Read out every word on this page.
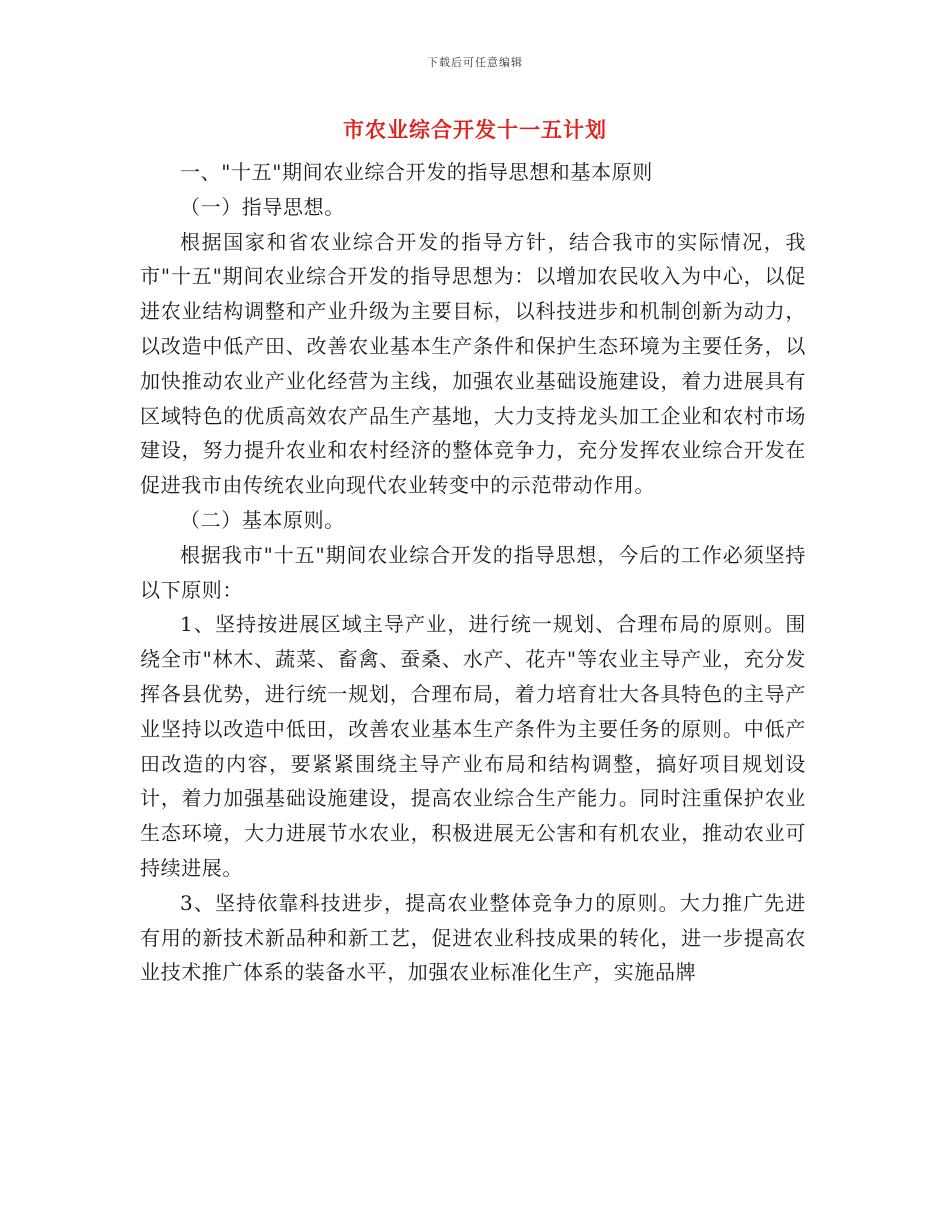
下载后可任意编辑
市农业综合开发十一五计划

一、"十五"期间农业综合开发的指导思想和基本原则

（一）指导思想。

根据国家和省农业综合开发的指导方针，结合我市的实际情况，我市"十五"期间农业综合开发的指导思想为：以增加农民收入为中心，以促进农业结构调整和产业升级为主要目标，以科技进步和机制创新为动力，以改造中低产田、改善农业基本生产条件和保护生态环境为主要任务，以加快推动农业产业化经营为主线，加强农业基础设施建设，着力进展具有区域特色的优质高效农产品生产基地，大力支持龙头加工企业和农村市场建设，努力提升农业和农村经济的整体竞争力，充分发挥农业综合开发在促进我市由传统农业向现代农业转变中的示范带动作用。

（二）基本原则。

根据我市"十五"期间农业综合开发的指导思想，今后的工作必须坚持以下原则：

1、坚持按进展区域主导产业，进行统一规划、合理布局的原则。围绕全市"林木、蔬菜、畜禽、蚕桑、水产、花卉"等农业主导产业，充分发挥各县优势，进行统一规划，合理布局，着力培育壮大各具特色的主导产业坚持以改造中低田，改善农业基本生产条件为主要任务的原则。中低产田改造的内容，要紧紧围绕主导产业布局和结构调整，搞好项目规划设计，着力加强基础设施建设，提高农业综合生产能力。同时注重保护农业生态环境，大力进展节水农业，积极进展无公害和有机农业，推动农业可持续进展。

3、坚持依靠科技进步，提高农业整体竞争力的原则。大力推广先进有用的新技术新品种和新工艺，促进农业科技成果的转化，进一步提高农业技术推广体系的装备水平，加强农业标准化生产，实施品牌
